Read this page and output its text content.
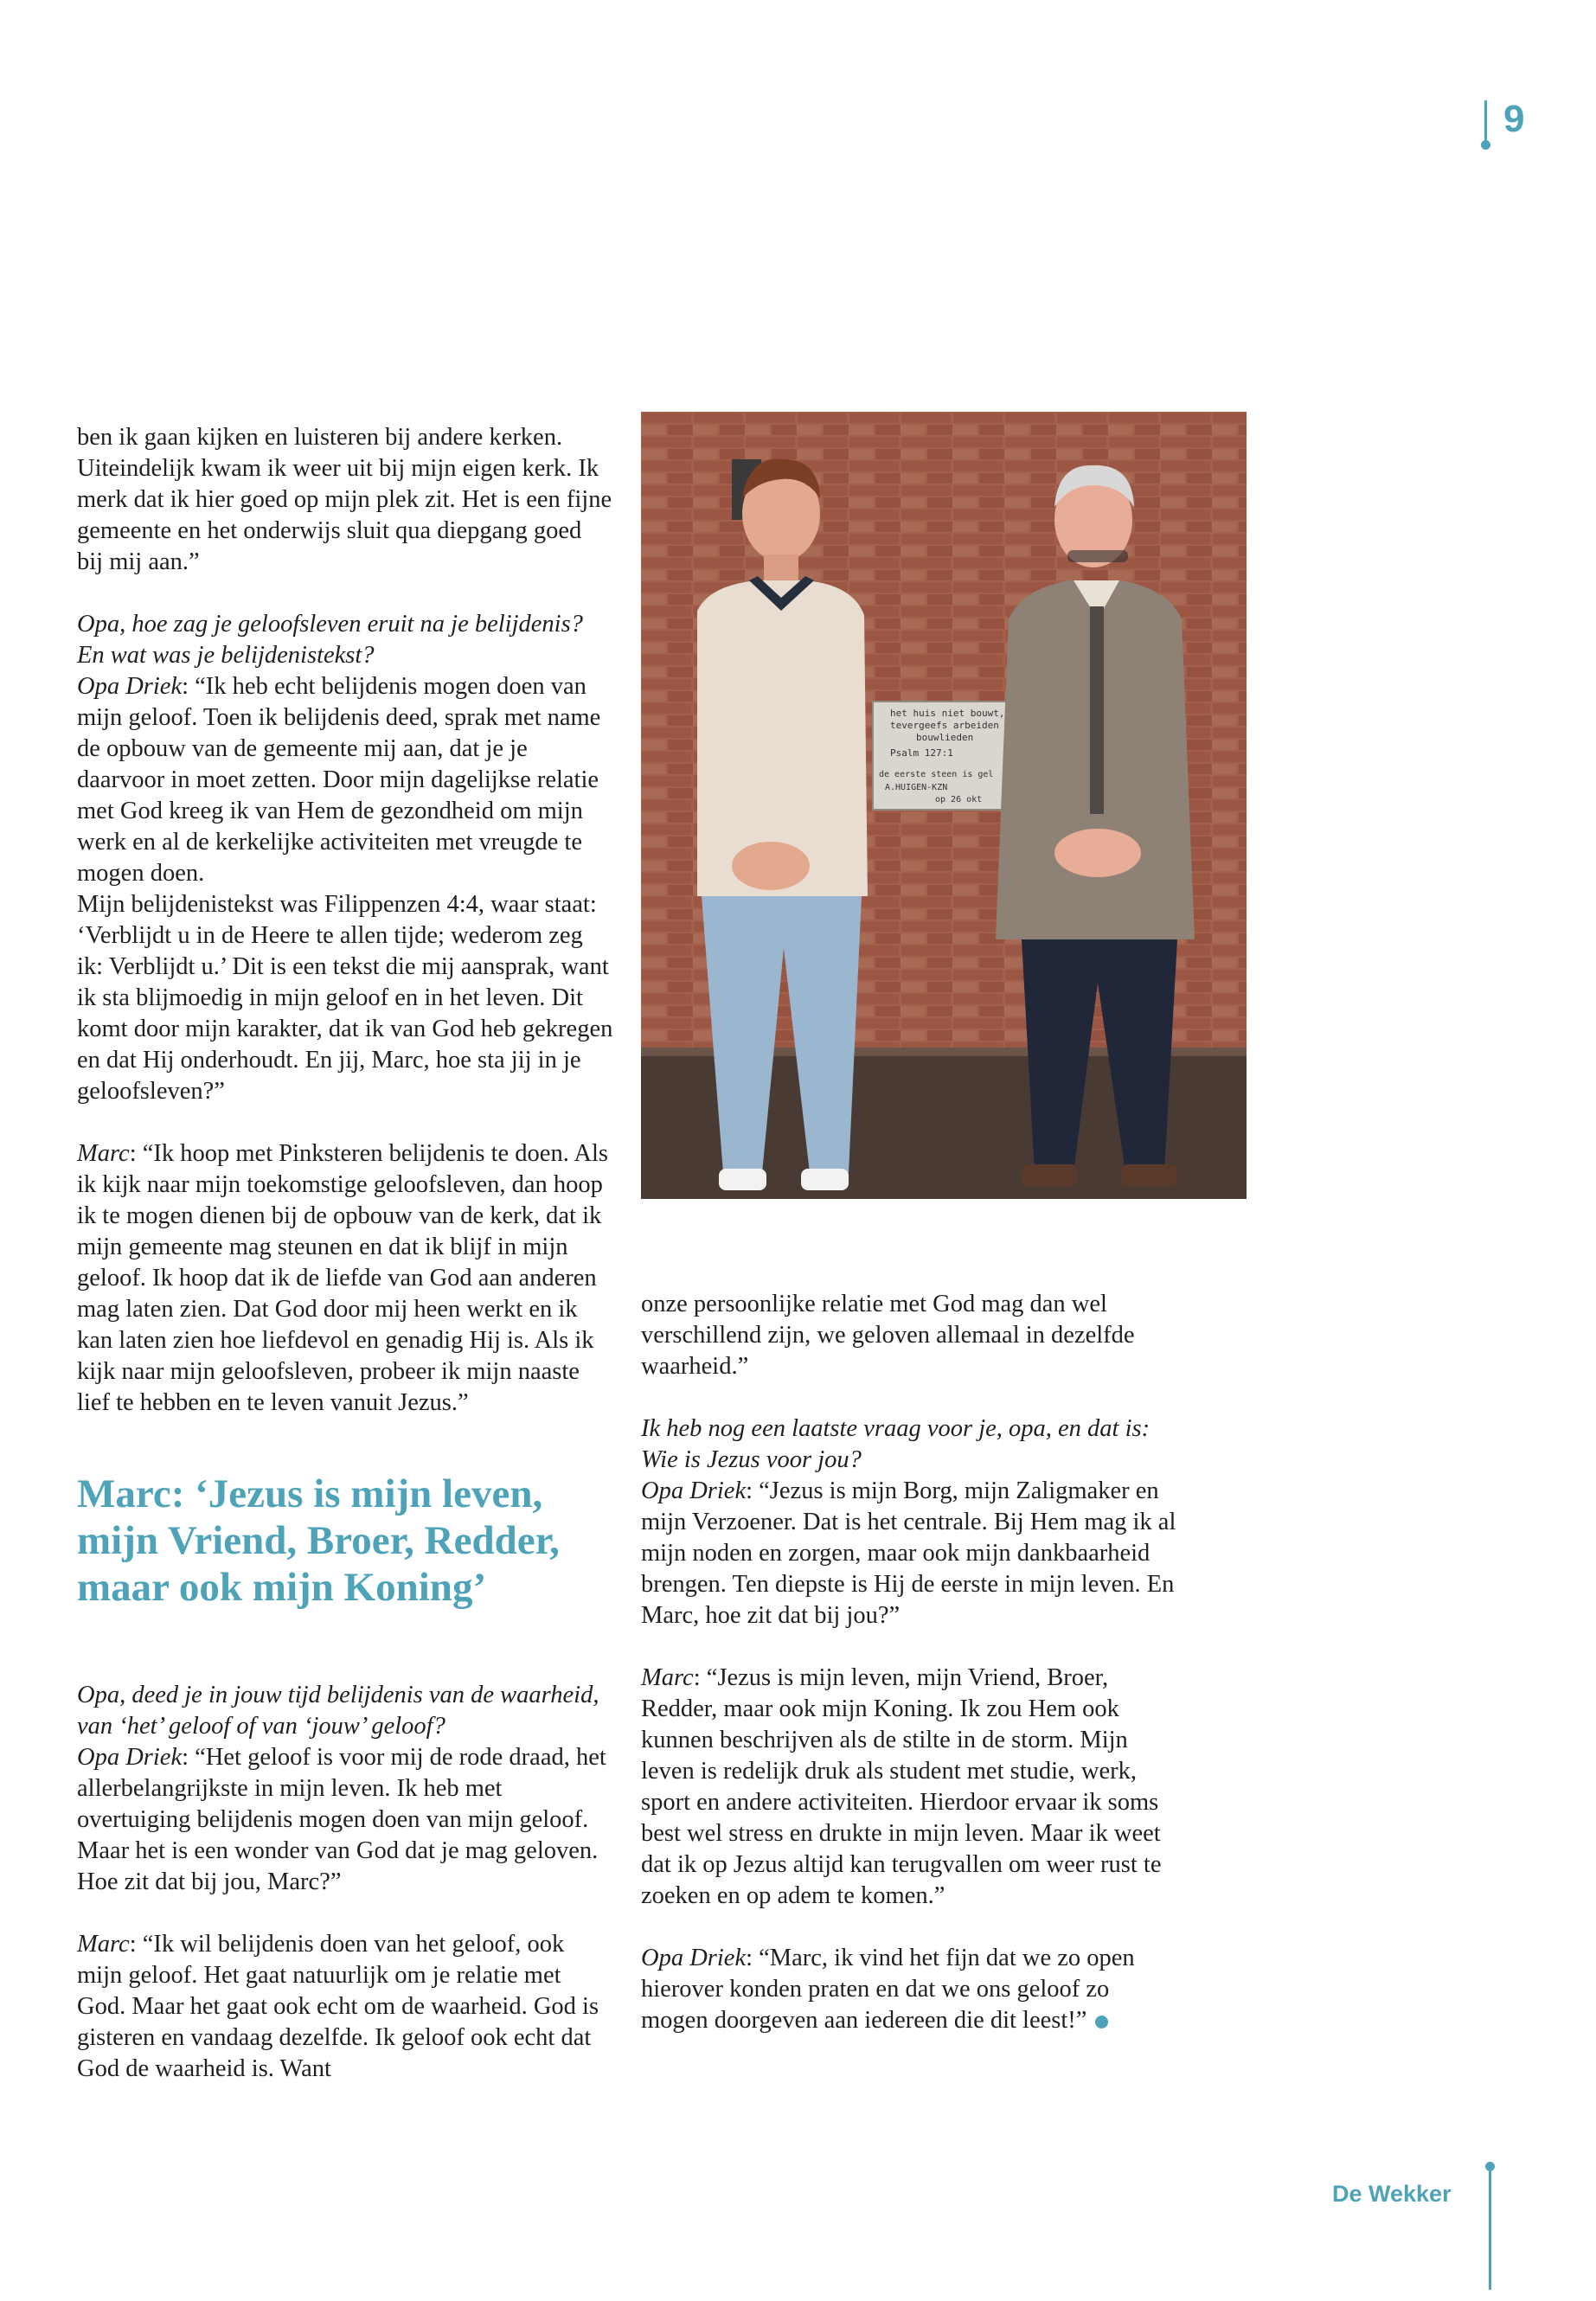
9

ben ik gaan kijken en luisteren bij andere kerken. Uiteindelijk kwam ik weer uit bij mijn eigen kerk. Ik merk dat ik hier goed op mijn plek zit. Het is een fijne gemeente en het onderwijs sluit qua diepgang goed bij mij aan.”

Opa, hoe zag je geloofsleven eruit na je belijdenis? En wat was je belijdenistekst?

Opa Driek: “Ik heb echt belijdenis mogen doen van mijn geloof. Toen ik belijdenis deed, sprak met name de opbouw van de gemeente mij aan, dat je je daarvoor in moet zetten. Door mijn dagelijkse relatie met God kreeg ik van Hem de gezondheid om mijn werk en al de kerkelijke activiteiten met vreugde te mogen doen.

Mijn belijdenistekst was Filippenzen 4:4, waar staat: ‘Verblijdt u in de Heere te allen tijde; wederom zeg ik: Verblijdt u.’ Dit is een tekst die mij aansprak, want ik sta blijmoedig in mijn geloof en in het leven. Dit komt door mijn karakter, dat ik van God heb gekregen en dat Hij onderhoudt. En jij, Marc, hoe sta jij in je geloofsleven?”

Marc: “Ik hoop met Pinksteren belijdenis te doen. Als ik kijk naar mijn toekomstige geloofsleven, dan hoop ik te mogen dienen bij de opbouw van de kerk, dat ik mijn gemeente mag steunen en dat ik blijf in mijn geloof. Ik hoop dat ik de liefde van God aan anderen mag laten zien. Dat God door mij heen werkt en ik kan laten zien hoe liefdevol en genadig Hij is. Als ik kijk naar mijn geloofsleven, probeer ik mijn naaste lief te hebben en te leven vanuit Jezus.”

Marc: ‘Jezus is mijn leven, mijn Vriend, Broer, Redder, maar ook mijn Koning’

Opa, deed je in jouw tijd belijdenis van de waarheid, van ‘het’ geloof of van ‘jouw’ geloof?

Opa Driek: “Het geloof is voor mij de rode draad, het allerbelangrijkste in mijn leven. Ik heb met overtuiging belijdenis mogen doen van mijn geloof. Maar het is een wonder van God dat je mag geloven. Hoe zit dat bij jou, Marc?”

Marc: “Ik wil belijdenis doen van het geloof, ook mijn geloof. Het gaat natuurlijk om je relatie met God. Maar het gaat ook echt om de waarheid. God is gisteren en vandaag dezelfde. Ik geloof ook echt dat God de waarheid is. Want

het huis niet bouwt,
tevergeefs arbeiden
bouwlieden
Psalm 127:1
de eerste steen is gel
A.HUIGEN-KZN
op 26 okt

onze persoonlijke relatie met God mag dan wel verschillend zijn, we geloven allemaal in dezelfde waarheid.”

Ik heb nog een laatste vraag voor je, opa, en dat is: Wie is Jezus voor jou?

Opa Driek: “Jezus is mijn Borg, mijn Zaligmaker en mijn Verzoener. Dat is het centrale. Bij Hem mag ik al mijn noden en zorgen, maar ook mijn dankbaarheid brengen. Ten diepste is Hij de eerste in mijn leven. En Marc, hoe zit dat bij jou?”

Marc: “Jezus is mijn leven, mijn Vriend, Broer, Redder, maar ook mijn Koning. Ik zou Hem ook kunnen beschrijven als de stilte in de storm. Mijn leven is redelijk druk als student met studie, werk, sport en andere activiteiten. Hierdoor ervaar ik soms best wel stress en drukte in mijn leven. Maar ik weet dat ik op Jezus altijd kan terugvallen om weer rust te zoeken en op adem te komen.”

Opa Driek: “Marc, ik vind het fijn dat we zo open hierover konden praten en dat we ons geloof zo mogen doorgeven aan iedereen die dit leest!”

De Wekker
